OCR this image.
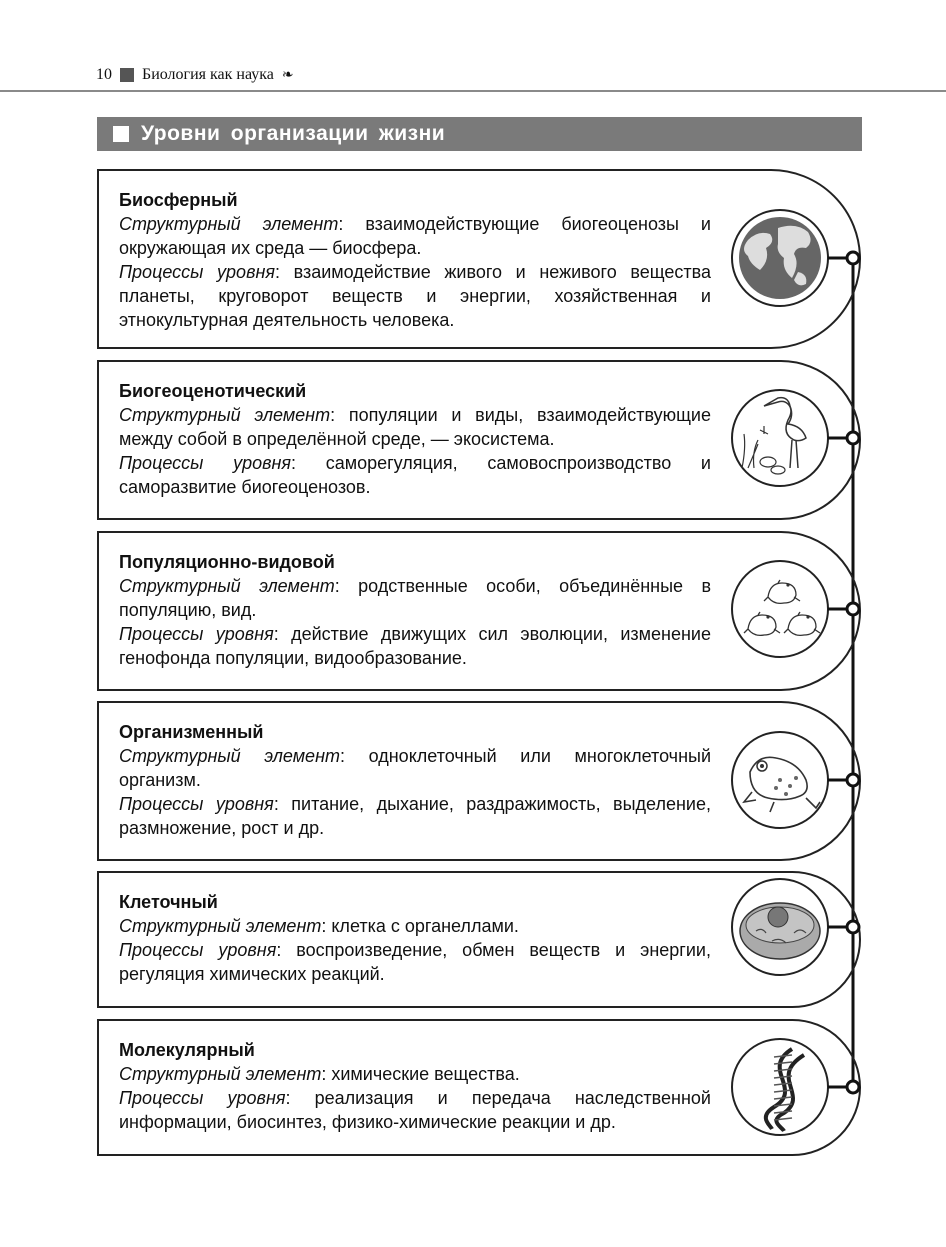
10 Биология как наука ❧
Уровни организации жизни
Биосферный

Структурный элемент: взаимодействующие биогеоценозы и окружающая их среда — биосфера.

Процессы уровня: взаимодействие живого и неживого вещества планеты, круговорот веществ и энергии, хозяйственная и этнокультурная деятельность человека.

Биогеоценотический

Структурный элемент: популяции и виды, взаимодействующие между собой в определённой среде, — экосистема.

Процессы уровня: саморегуляция, самовоспроизводство и саморазвитие биогеоценозов.

Популяционно-видовой

Структурный элемент: родственные особи, объединённые в популяцию, вид.

Процессы уровня: действие движущих сил эволюции, изменение генофонда популяции, видообразование.

Организменный

Структурный элемент: одноклеточный или многоклеточный организм.

Процессы уровня: питание, дыхание, раздражимость, выделение, размножение, рост и др.

Клеточный

Структурный элемент: клетка с органеллами.

Процессы уровня: воспроизведение, обмен веществ и энергии, регуляция химических реакций.

Молекулярный

Структурный элемент: химические вещества.

Процессы уровня: реализация и передача наследственной информации, биосинтез, физико-химические реакции и др.
